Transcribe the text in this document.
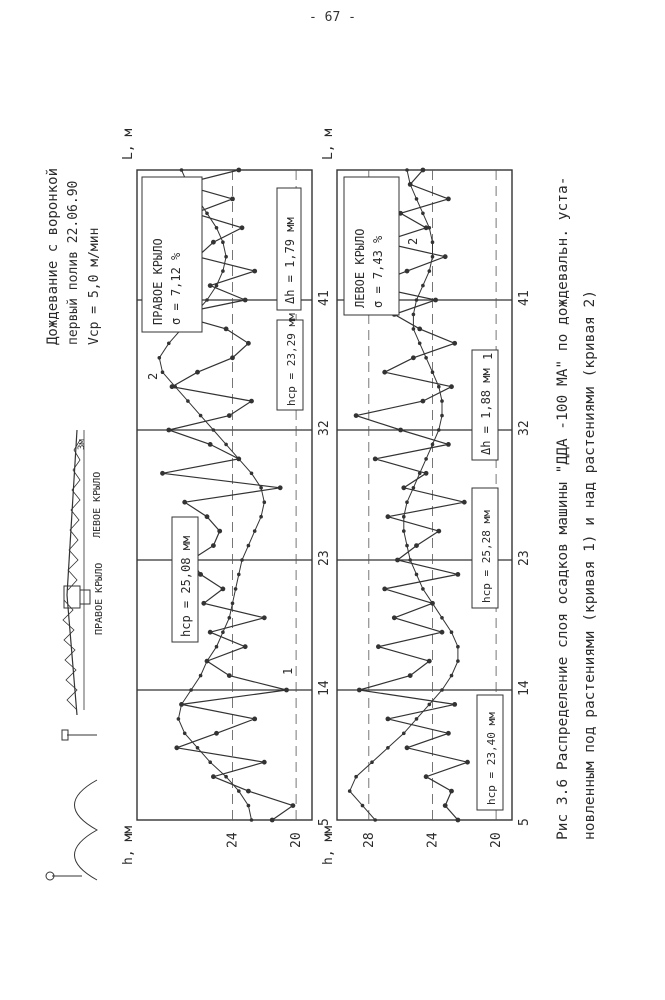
- 67 -
Дождевание с воронкой первый полив 22.06.90 Vср = 5,0 м/мин
ЛЕВОЕ КРЫЛО
ПРАВОЕ КРЫЛО
3м
h, мм	h, мм
L, м	L, м
5
14
23
32
41
20
24
5
14
23
32
41
20
24
28
ПРАВОЕ КРЫЛО σ = 7,12 %	Δh = 1,79 мм
hср = 25,08 мм
hср = 23,29 мм
1
2
ЛЕВОЕ КРЫЛО σ = 7,43 %
Δh = 1,88 мм
hср = 23,40 мм
hср = 25,28 мм
1
2	Рис 3.6 Распределение слоя осадков машины "ДДА -100 МА" по дождевальн. уста- новленным под растениями (кривая 1) и над растениями (кривая 2)
